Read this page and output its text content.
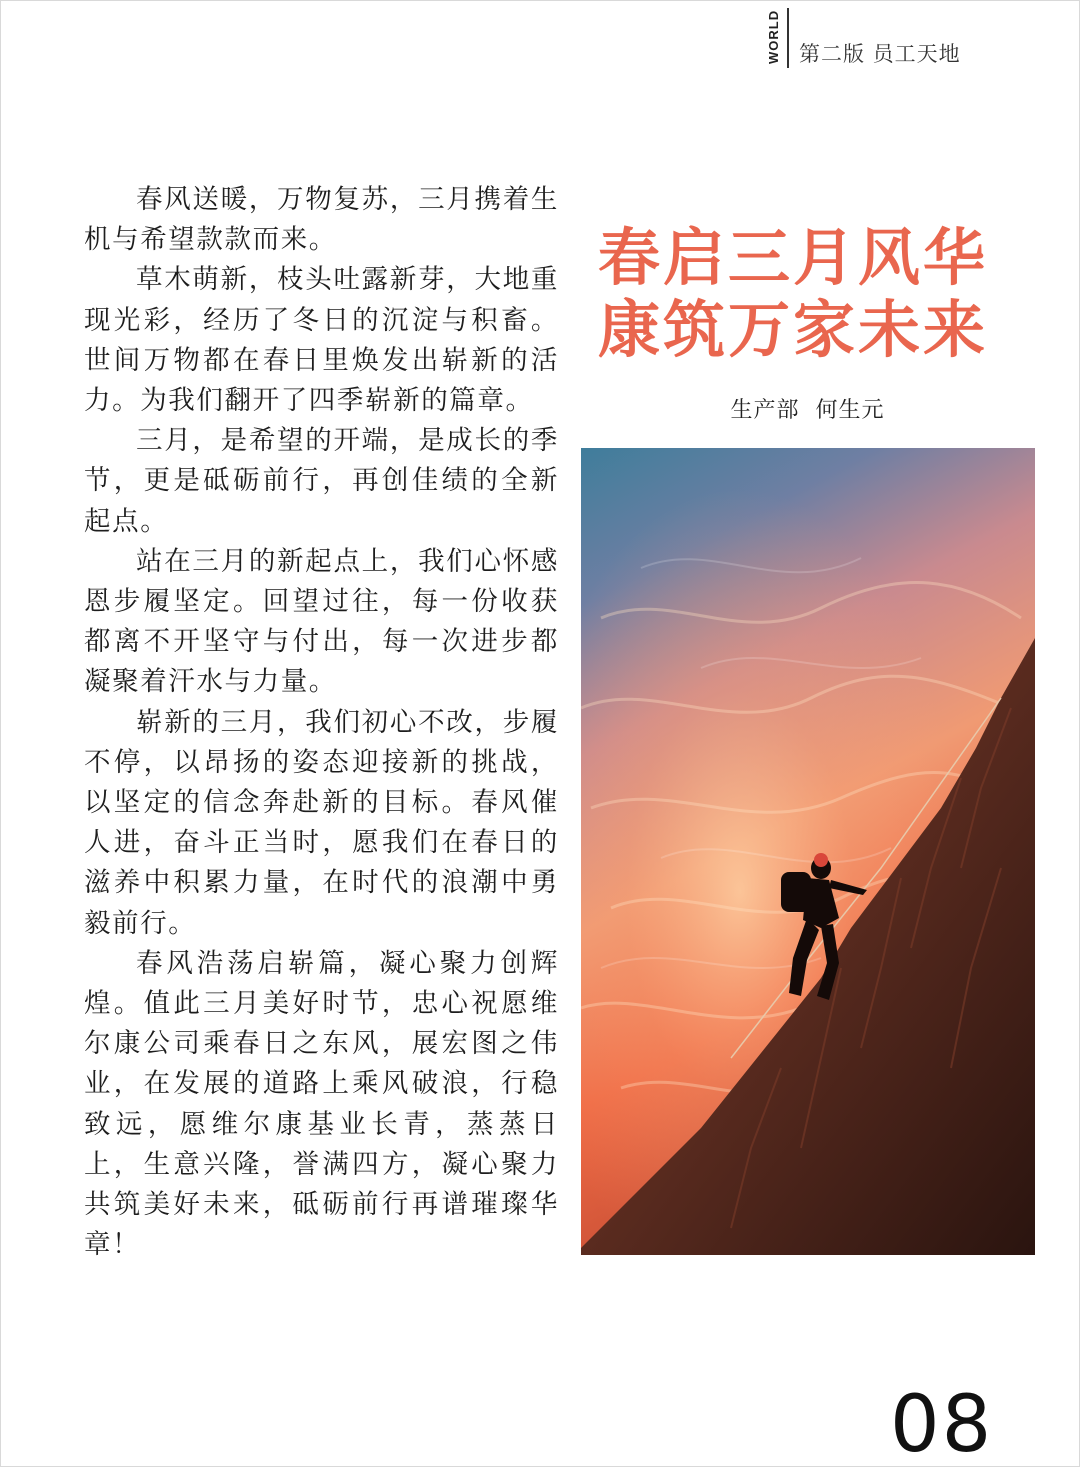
WORLD 第二版 员工天地

春风送暖，万物复苏，三月携着生机与希望款款而来。

草木萌新，枝头吐露新芽，大地重现光彩，经历了冬日的沉淀与积畜。世间万物都在春日里焕发出崭新的活力。为我们翻开了四季崭新的篇章。

三月，是希望的开端，是成长的季节，更是砥砺前行，再创佳绩的全新起点。

站在三月的新起点上，我们心怀感恩步履坚定。回望过往，每一份收获都离不开坚守与付出，每一次进步都凝聚着汗水与力量。

崭新的三月，我们初心不改，步履不停，以昂扬的姿态迎接新的挑战，以坚定的信念奔赴新的目标。春风催人进，奋斗正当时，愿我们在春日的滋养中积累力量，在时代的浪潮中勇毅前行。

春风浩荡启崭篇，凝心聚力创辉煌。值此三月美好时节，忠心祝愿维尔康公司乘春日之东风，展宏图之伟业，在发展的道路上乘风破浪，行稳致远，愿维尔康基业长青，蒸蒸日上，生意兴隆，誉满四方，凝心聚力共筑美好未来，砥砺前行再谱璀璨华章！

春启三月风华
康筑万家未来
生产部  何生元
08
